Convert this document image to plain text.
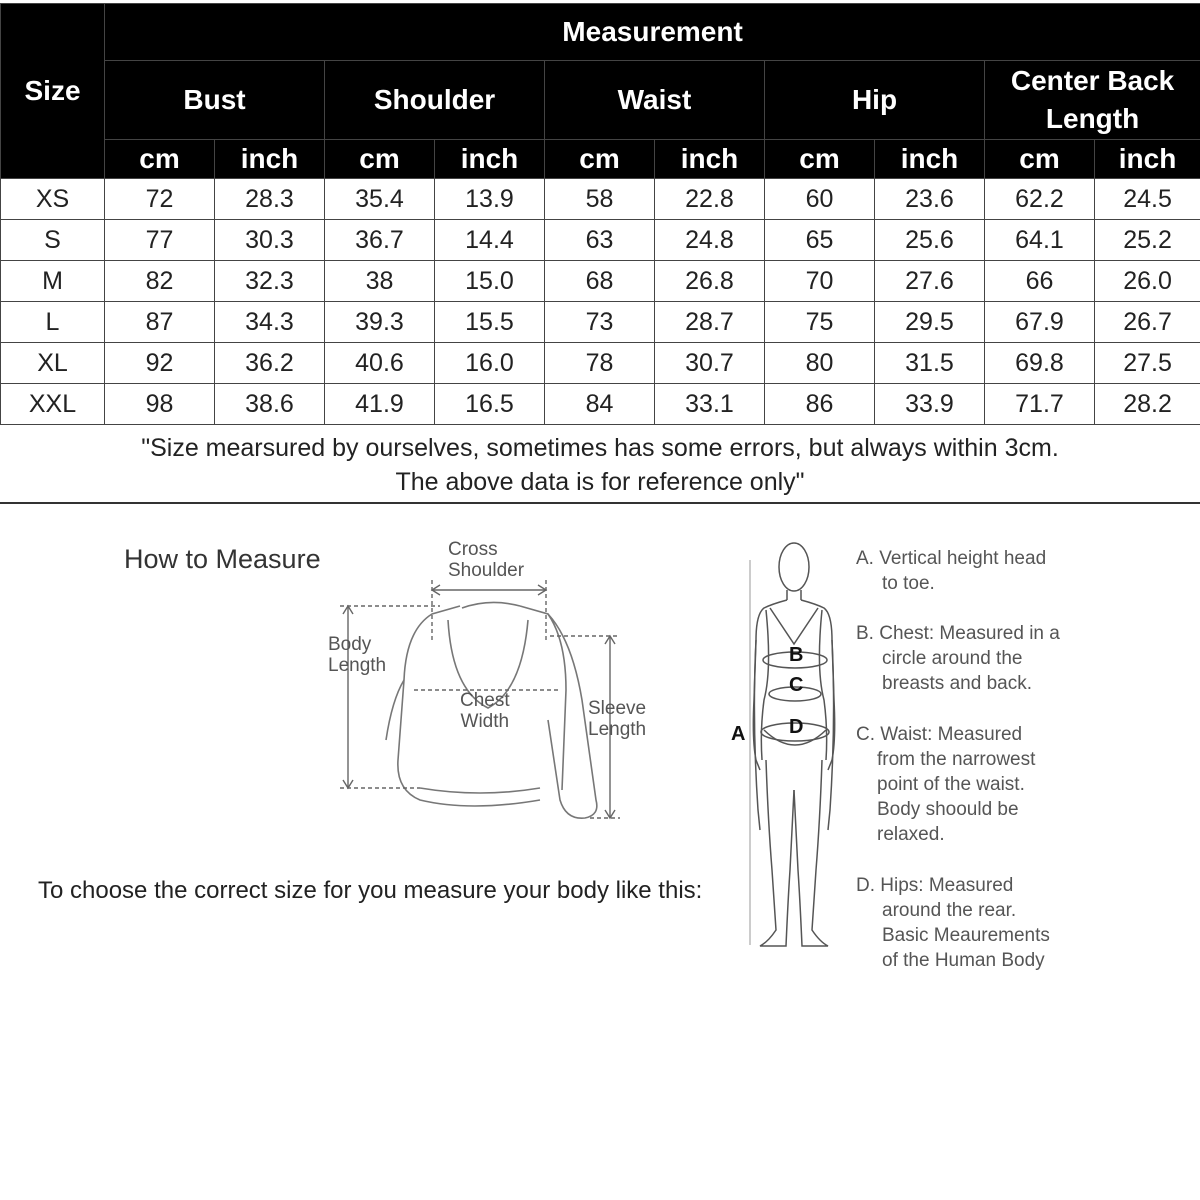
Size	Measurement									
	Bust		Shoulder		Waist		Hip		Center Back Length	
	cm	inch	cm	inch	cm	inch	cm	inch	cm	inch
XS	72	28.3	35.4	13.9	58	22.8	60	23.6	62.2	24.5
S	77	30.3	36.7	14.4	63	24.8	65	25.6	64.1	25.2
M	82	32.3	38	15.0	68	26.8	70	27.6	66	26.0
L	87	34.3	39.3	15.5	73	28.7	75	29.5	67.9	26.7
XL	92	36.2	40.6	16.0	78	30.7	80	31.5	69.8	27.5
XXL	98	38.6	41.9	16.5	84	33.1	86	33.9	71.7	28.2
"Size mearsured by ourselves, sometimes has some errors, but always within 3cm.
The above data is for reference only"
How to Measure
To choose the correct size for you measure your body like this:
Cross
Shoulder
Body
Length
Chest
Width
Sleeve
Length	A
B
C
D
A. Vertical height head
to toe.
B. Chest: Measured in a
circle around the
breasts and back.
C. Waist: Measured
from the narrowest
point of the waist.
Body shoould be
relaxed.
D. Hips: Measured
around the rear.
Basic Meaurements
of the Human Body
